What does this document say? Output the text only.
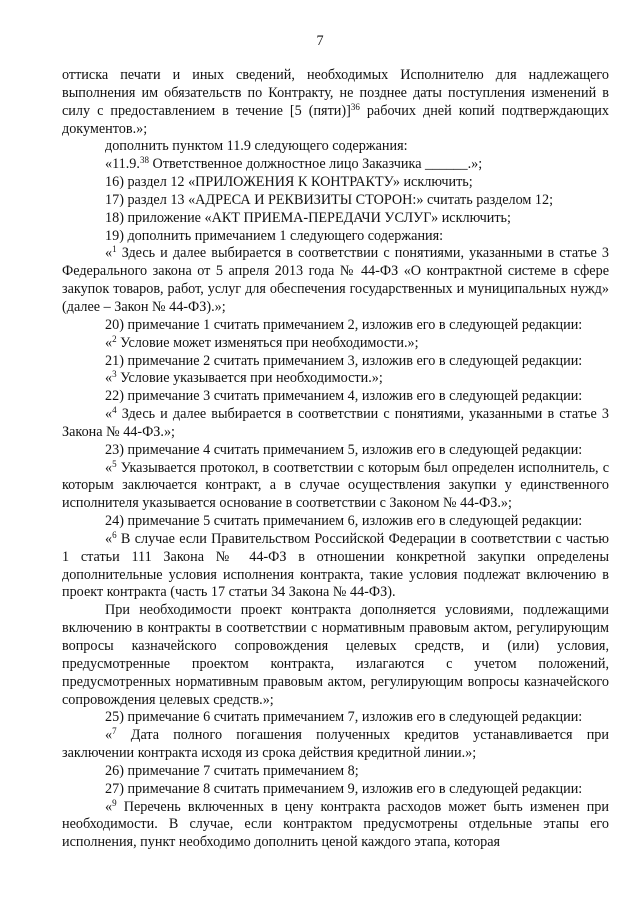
7

оттиска печати и иных сведений, необходимых Исполнителю для надлежащего выполнения им обязательств по Контракту, не позднее даты поступления изменений в силу с предоставлением в течение [5 (пяти)]$^{36}$ рабочих дней копий подтверждающих документов.»;

дополнить пунктом 11.9 следующего содержания:

«11.9.38 Ответственное должностное лицо Заказчика ______.»;

16) раздел 12 «ПРИЛОЖЕНИЯ К КОНТРАКТУ» исключить;

17) раздел 13 «АДРЕСА И РЕКВИЗИТЫ СТОРОН:» считать разделом 12;

18) приложение «АКТ ПРИЕМА-ПЕРЕДАЧИ УСЛУГ» исключить;

19) дополнить примечанием 1 следующего содержания:

«$^1$ Здесь и далее выбирается в соответствии с понятиями, указанными в статье 3 Федерального закона от 5 апреля 2013 года № 44-ФЗ «О контрактной системе в сфере закупок товаров, работ, услуг для обеспечения государственных и муниципальных нужд» (далее – Закон № 44-ФЗ).»;

20) примечание 1 считать примечанием 2, изложив его в следующей редакции:

«$^2$ Условие может изменяться при необходимости.»;

21) примечание 2 считать примечанием 3, изложив его в следующей редакции:

«$^3$ Условие указывается при необходимости.»;

22) примечание 3 считать примечанием 4, изложив его в следующей редакции:

«$^4$ Здесь и далее выбирается в соответствии с понятиями, указанными в статье 3 Закона № 44-ФЗ.»;

23) примечание 4 считать примечанием 5, изложив его в следующей редакции:

«$^5$ Указывается протокол, в соответствии с которым был определен исполнитель, с которым заключается контракт, а в случае осуществления закупки у единственного исполнителя указывается основание в соответствии с Законом № 44-ФЗ.»;

24) примечание 5 считать примечанием 6, изложив его в следующей редакции:

«$^6$ В случае если Правительством Российской Федерации в соответствии с частью 1 статьи 111 Закона № 44-ФЗ в отношении конкретной закупки определены дополнительные условия исполнения контракта, такие условия подлежат включению в проект контракта (часть 17 статьи 34 Закона № 44-ФЗ).

При необходимости проект контракта дополняется условиями, подлежащими включению в контракты в соответствии с нормативным правовым актом, регулирующим вопросы казначейского сопровождения целевых средств, и (или) условия, предусмотренные проектом контракта, излагаются с учетом положений, предусмотренных нормативным правовым актом, регулирующим вопросы казначейского сопровождения целевых средств.»;

25) примечание 6 считать примечанием 7, изложив его в следующей редакции:

«$^7$ Дата полного погашения полученных кредитов устанавливается при заключении контракта исходя из срока действия кредитной линии.»;

26) примечание 7 считать примечанием 8;

27) примечание 8 считать примечанием 9, изложив его в следующей редакции:

«$^9$ Перечень включенных в цену контракта расходов может быть изменен при необходимости. В случае, если контрактом предусмотрены отдельные этапы его исполнения, пункт необходимо дополнить ценой каждого этапа, которая
